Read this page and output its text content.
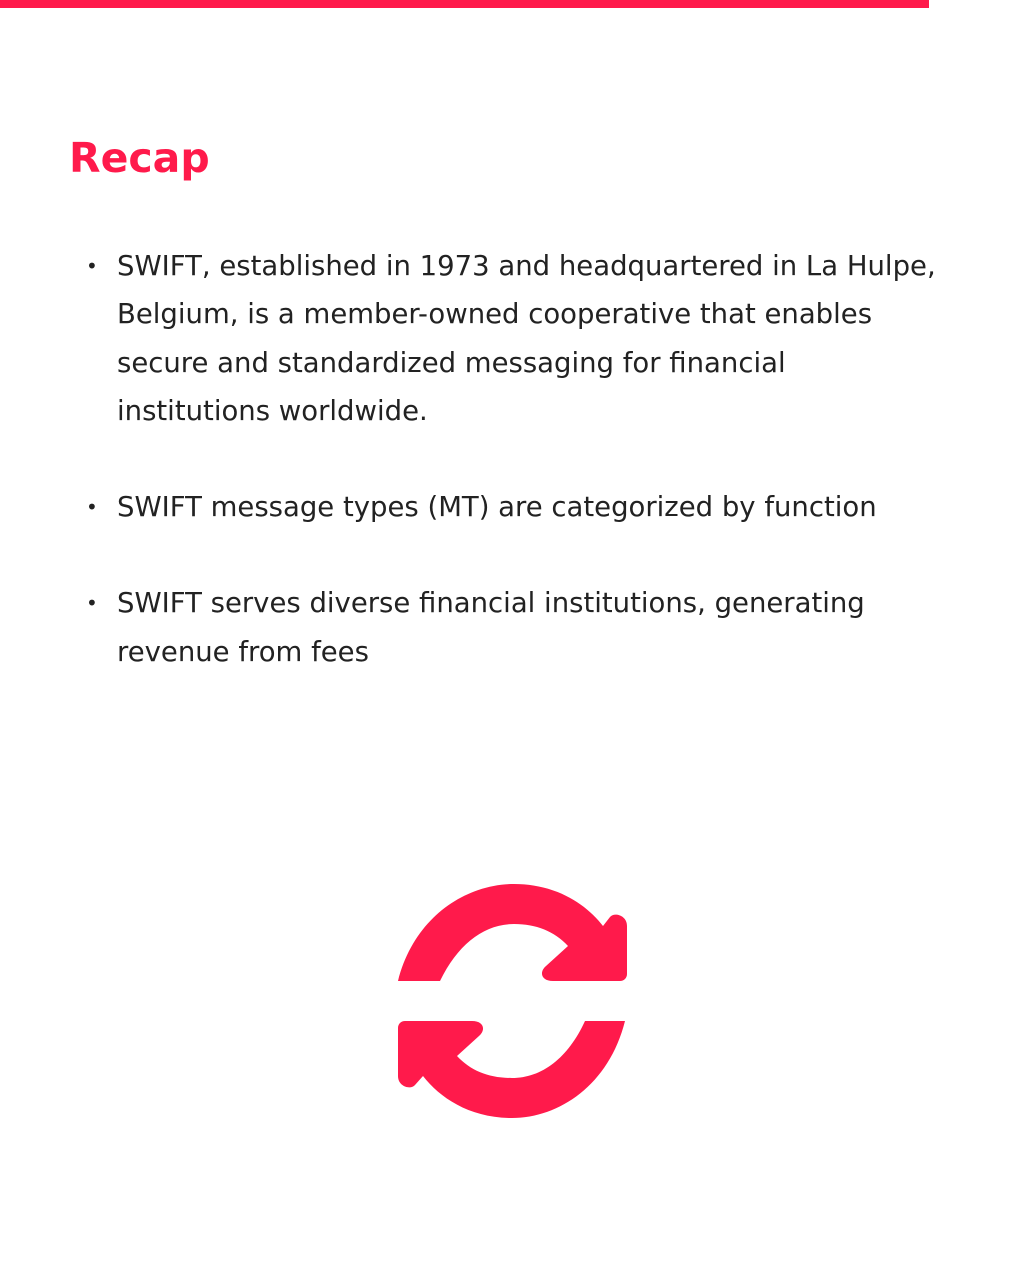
Recap
• SWIFT, established in 1973 and headquartered in La Hulpe, Belgium, is a member-owned cooperative that enables secure and standardized messaging for financial institutions worldwide.
• SWIFT message types (MT) are categorized by function
• SWIFT serves diverse financial institutions, generating revenue from fees
